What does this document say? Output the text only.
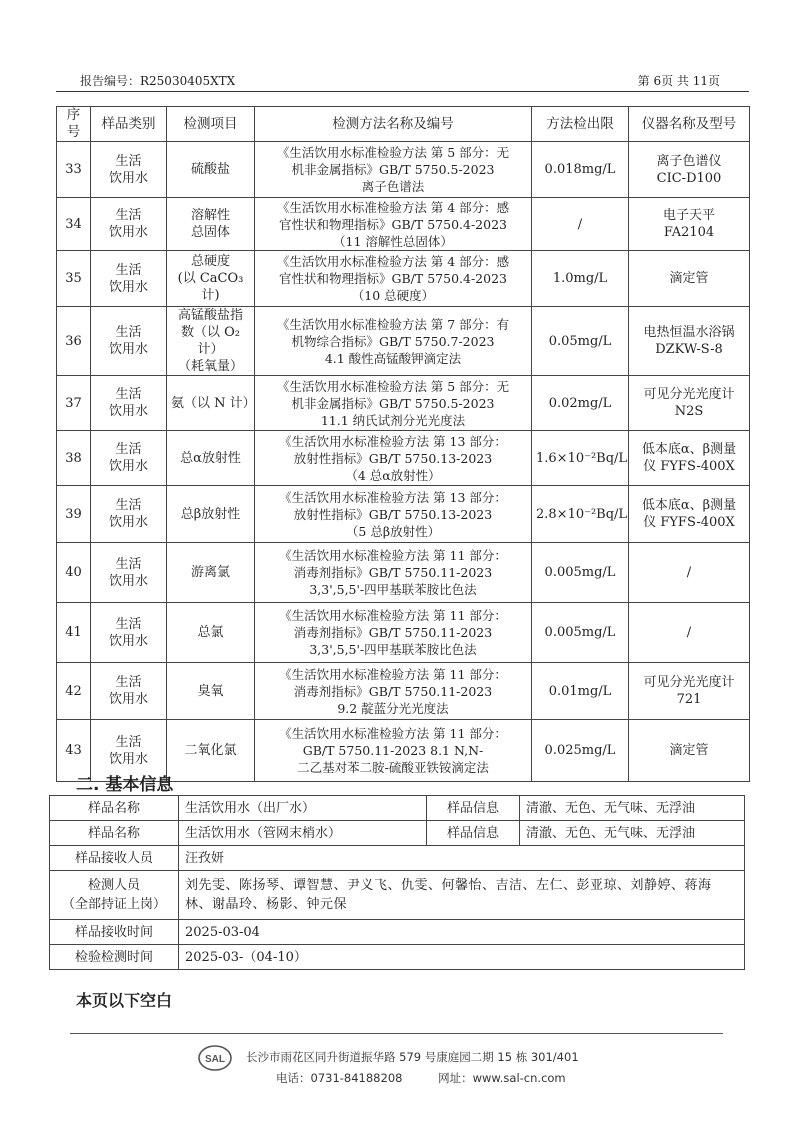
报告编号：R25030405XTX	第 6页 共 11页
序号	样品类别	检测项目	检测方法名称及编号	方法检出限	仪器名称及型号
33	生活
饮用水	硫酸盐	《生活饮用水标准检验方法 第 5 部分：无
机非金属指标》GB/T 5750.5-2023
离子色谱法	0.018mg/L	离子色谱仪
CIC-D100

34	生活
饮用水	溶解性
总固体	《生活饮用水标准检验方法 第 4 部分：感
官性状和物理指标》GB/T 5750.4-2023
（11 溶解性总固体）	/	电子天平
FA2104

35	生活
饮用水	总硬度
(以 CaCO₃ 计)	《生活饮用水标准检验方法 第 4 部分：感
官性状和物理指标》GB/T 5750.4-2023
（10 总硬度）	1.0mg/L	滴定管

36	生活
饮用水	高锰酸盐指
数（以 O₂ 计）
（耗氧量）	《生活饮用水标准检验方法 第 7 部分：有
机物综合指标》GB/T 5750.7-2023
4.1 酸性高锰酸钾滴定法	0.05mg/L	电热恒温水浴锅
DZKW-S-8

37	生活
饮用水	氨（以 N 计）	《生活饮用水标准检验方法 第 5 部分：无
机非金属指标》GB/T 5750.5-2023
11.1 纳氏试剂分光光度法	0.02mg/L	可见分光光度计
N2S

38	生活
饮用水	总α放射性	《生活饮用水标准检验方法 第 13 部分：
放射性指标》GB/T 5750.13-2023
（4 总α放射性）	1.6×10⁻²Bq/L	低本底α、β测量
仪 FYFS-400X

39	生活
饮用水	总β放射性	《生活饮用水标准检验方法 第 13 部分：
放射性指标》GB/T 5750.13-2023
（5 总β放射性）	2.8×10⁻²Bq/L	低本底α、β测量
仪 FYFS-400X

40	生活
饮用水	游离氯	《生活饮用水标准检验方法 第 11 部分：
消毒剂指标》GB/T 5750.11-2023
3,3',5,5'-四甲基联苯胺比色法	0.005mg/L	/

41	生活
饮用水	总氯	《生活饮用水标准检验方法 第 11 部分：
消毒剂指标》GB/T 5750.11-2023
3,3',5,5'-四甲基联苯胺比色法	0.005mg/L	/

42	生活
饮用水	臭氧	《生活饮用水标准检验方法 第 11 部分：
消毒剂指标》GB/T 5750.11-2023
9.2 靛蓝分光光度法	0.01mg/L	可见分光光度计
721

43	生活
饮用水	二氧化氯	《生活饮用水标准检验方法 第 11 部分：
GB/T 5750.11-2023 8.1 N,N-
二乙基对苯二胺-硫酸亚铁铵滴定法	0.025mg/L	滴定管
二. 基本信息
样品名称	生活饮用水（出厂水）	样品信息	清澈、无色、无气味、无浮油
样品名称	生活饮用水（管网末梢水）	样品信息	清澈、无色、无气味、无浮油
样品接收人员	汪孜妍		

检测人员
（全部持证上岗）	刘先雯、陈扬琴、谭智慧、尹义飞、仇雯、何馨怡、吉洁、左仁、彭亚琼、刘静婷、蒋海林、谢晶玲、杨影、钟元保		
样品接收时间	2025-03-04		
检验检测时间	2025-03-（04-10）		
本页以下空白
SAL 长沙市雨花区同升街道振华路 579 号康庭园二期 15 栋 301/401
电话：0731-84188208	网址：www.sal-cn.com
